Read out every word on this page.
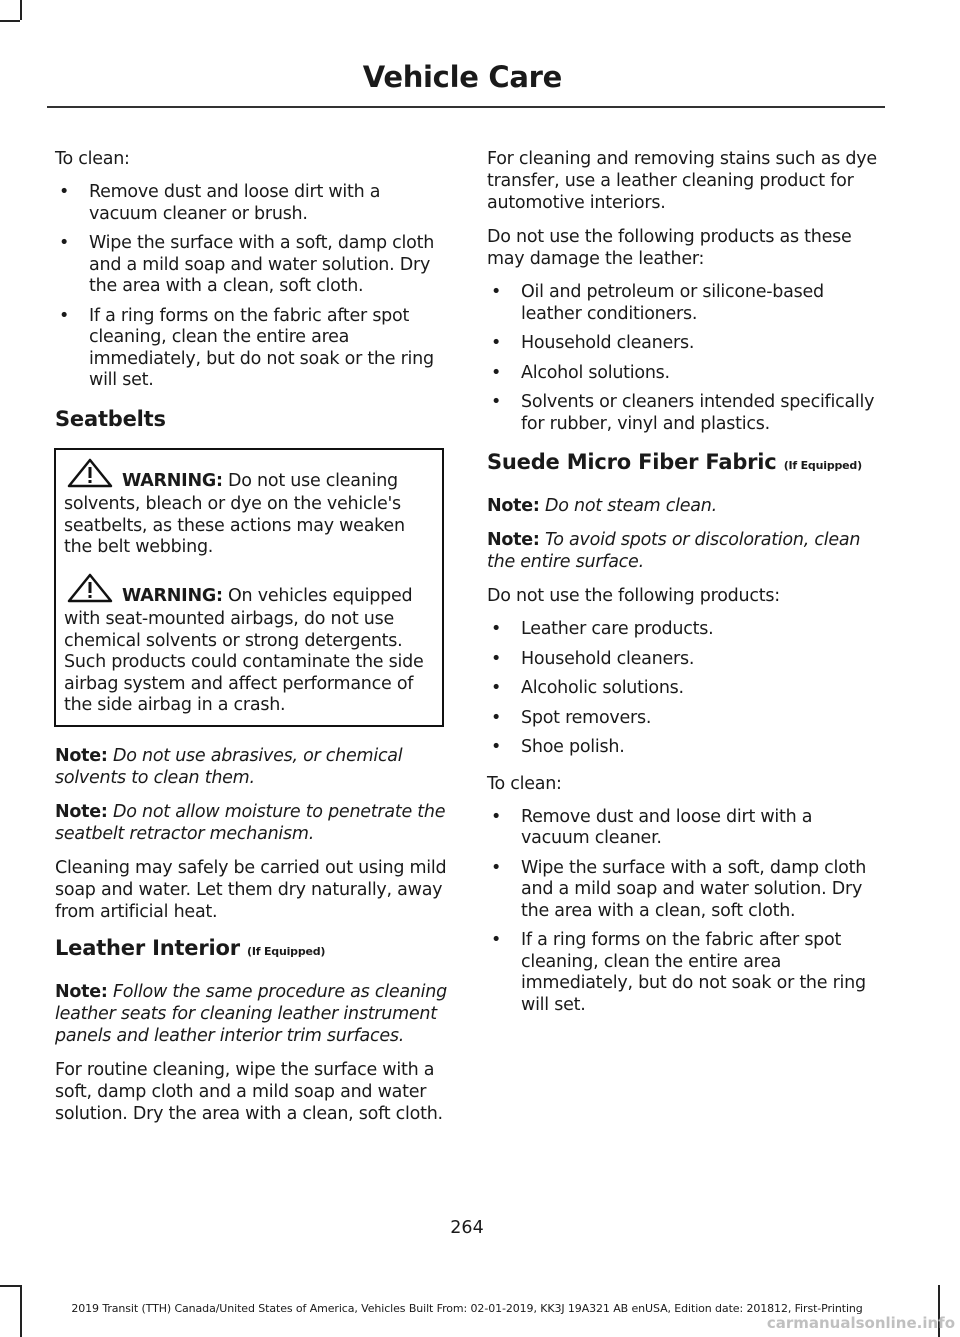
Vehicle Care

To clean:

• Remove dust and loose dirt with a vacuum cleaner or brush.
• Wipe the surface with a soft, damp cloth and a mild soap and water solution. Dry the area with a clean, soft cloth.
• If a ring forms on the fabric after spot cleaning, clean the entire area immediately, but do not soak or the ring will set.
Seatbelts
WARNING: Do not use cleaning solvents, bleach or dye on the vehicle's seatbelts, as these actions may weaken the belt webbing.
WARNING: On vehicles equipped with seat-mounted airbags, do not use chemical solvents or strong detergents. Such products could contaminate the side airbag system and affect performance of the side airbag in a crash.

Note: Do not use abrasives, or chemical solvents to clean them.

Note: Do not allow moisture to penetrate the seatbelt retractor mechanism.

Cleaning may safely be carried out using mild soap and water. Let them dry naturally, away from artificial heat.

Leather Interior (If Equipped)

Note: Follow the same procedure as cleaning leather seats for cleaning leather instrument panels and leather interior trim surfaces.

For routine cleaning, wipe the surface with a soft, damp cloth and a mild soap and water solution. Dry the area with a clean, soft cloth.

For cleaning and removing stains such as dye transfer, use a leather cleaning product for automotive interiors.

Do not use the following products as these may damage the leather:

• Oil and petroleum or silicone-based leather conditioners.
• Household cleaners.
• Alcohol solutions.
• Solvents or cleaners intended specifically for rubber, vinyl and plastics.
Suede Micro Fiber Fabric (If Equipped)

Note: Do not steam clean.

Note: To avoid spots or discoloration, clean the entire surface.

Do not use the following products:

• Leather care products.
• Household cleaners.
• Alcoholic solutions.
• Spot removers.
• Shoe polish.

To clean:

• Remove dust and loose dirt with a vacuum cleaner.
• Wipe the surface with a soft, damp cloth and a mild soap and water solution. Dry the area with a clean, soft cloth.
• If a ring forms on the fabric after spot cleaning, clean the entire area immediately, but do not soak or the ring will set.
264
2019 Transit (TTH) Canada/United States of America, Vehicles Built From: 02-01-2019, KK3J 19A321 AB enUSA, Edition date: 201812, First-Printing
carmanualsonline.info
